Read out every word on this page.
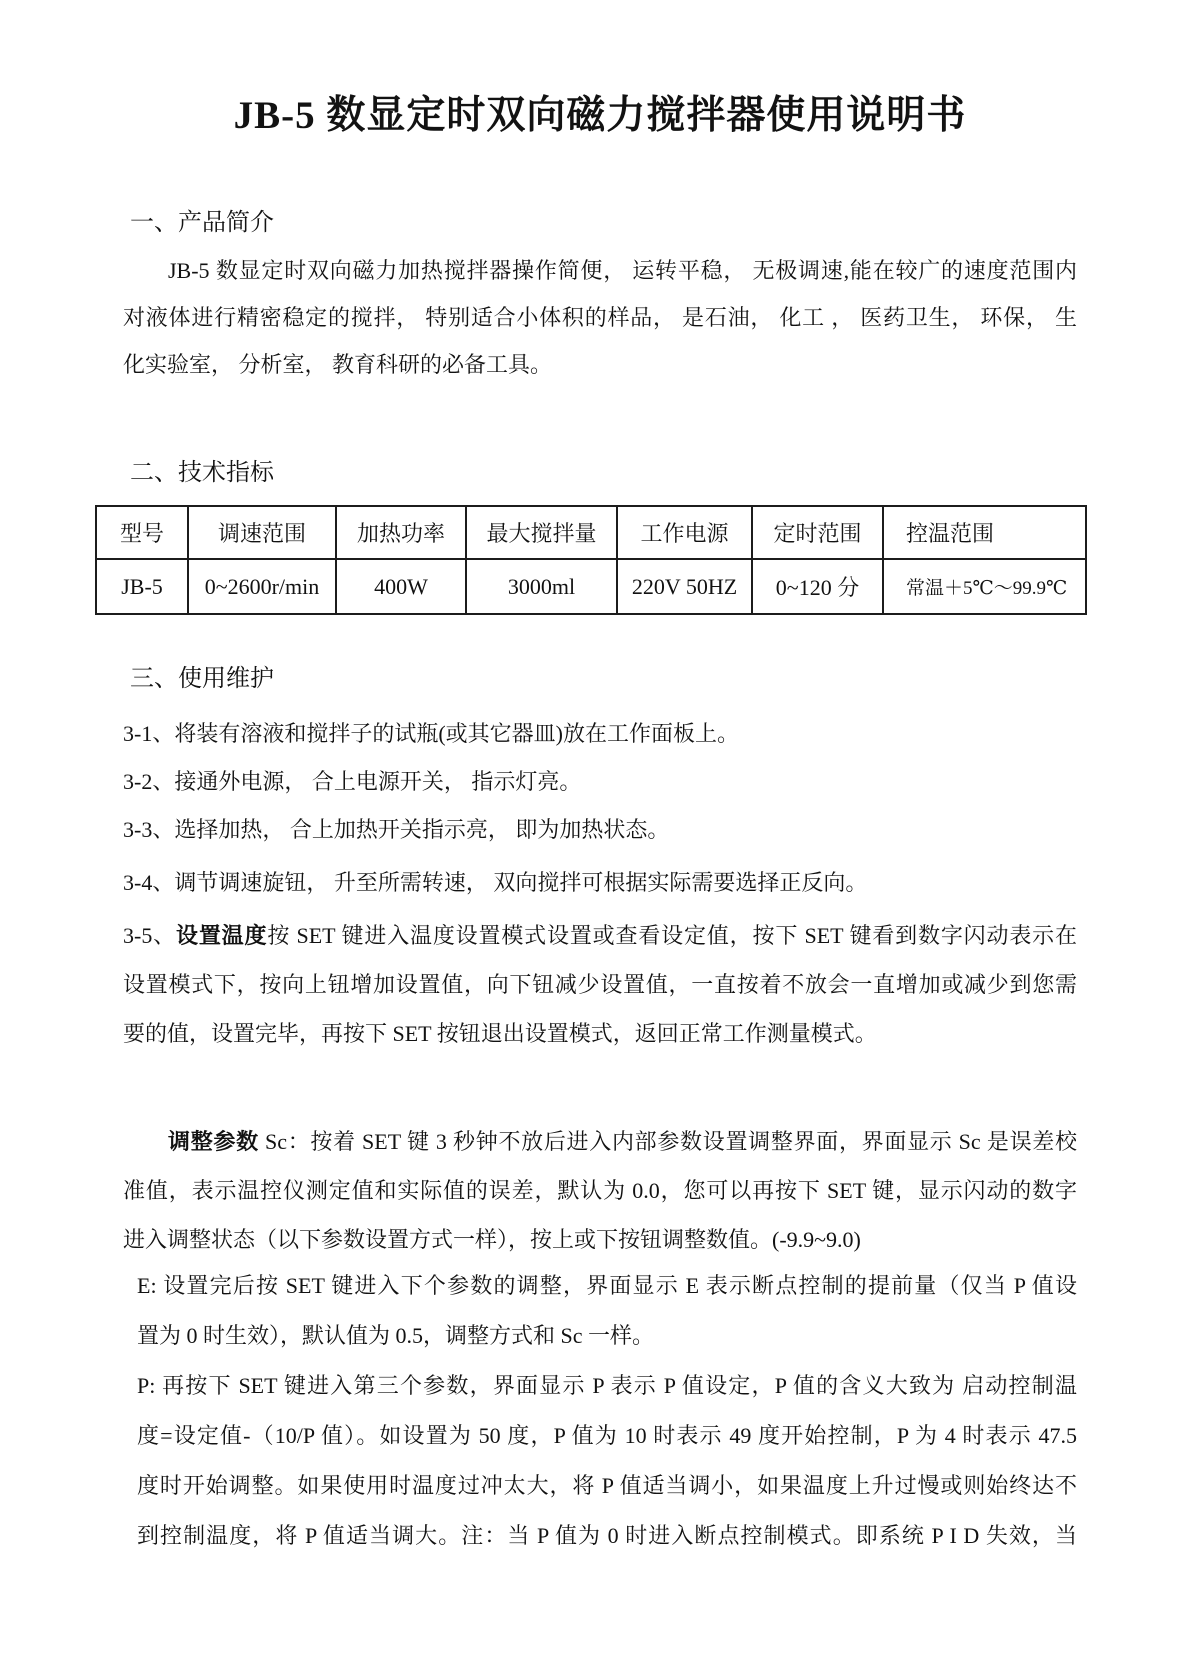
JB-5 数显定时双向磁力搅拌器使用说明书
一、产品简介
JB-5 数显定时双向磁力加热搅拌器操作简便， 运转平稳， 无极调速,能在较广的速度范围内
对液体进行精密稳定的搅拌， 特别适合小体积的样品， 是石油， 化工 ， 医药卫生， 环保， 生
化实验室， 分析室， 教育科研的必备工具。
二、技术指标
型号	调速范围	加热功率	最大搅拌量	工作电源	定时范围	控温范围
JB-5	0~2600r/min	400W	3000ml	220V 50HZ	0~120 分	常温＋5℃～99.9℃
三、使用维护
3-1、将装有溶液和搅拌子的试瓶(或其它器皿)放在工作面板上。
3-2、接通外电源， 合上电源开关， 指示灯亮。
3-3、选择加热， 合上加热开关指示亮， 即为加热状态。
3-4、调节调速旋钮， 升至所需转速， 双向搅拌可根据实际需要选择正反向。
3-5、设置温度按 SET 键进入温度设置模式设置或查看设定值，按下 SET 键看到数字闪动表示在
设置模式下，按向上钮增加设置值，向下钮减少设置值，一直按着不放会一直增加或减少到您需
要的值，设置完毕，再按下 SET 按钮退出设置模式，返回正常工作测量模式。
调整参数 Sc：按着 SET 键 3 秒钟不放后进入内部参数设置调整界面，界面显示 Sc 是误差校
准值，表示温控仪测定值和实际值的误差，默认为 0.0，您可以再按下 SET 键，显示闪动的数字
进入调整状态（以下参数设置方式一样），按上或下按钮调整数值。(-9.9~9.0)
E: 设置完后按 SET 键进入下个参数的调整，界面显示 E 表示断点控制的提前量（仅当 P 值设
置为 0 时生效），默认值为 0.5，调整方式和 Sc 一样。
P: 再按下 SET 键进入第三个参数，界面显示 P 表示 P 值设定，P 值的含义大致为 启动控制温
度=设定值-（10/P 值）。如设置为 50 度，P 值为 10 时表示 49 度开始控制，P 为 4 时表示 47.5
度时开始调整。如果使用时温度过冲太大，将 P 值适当调小，如果温度上升过慢或则始终达不
到控制温度，将 P 值适当调大。注：当 P 值为 0 时进入断点控制模式。即系统 P I D 失效，当
